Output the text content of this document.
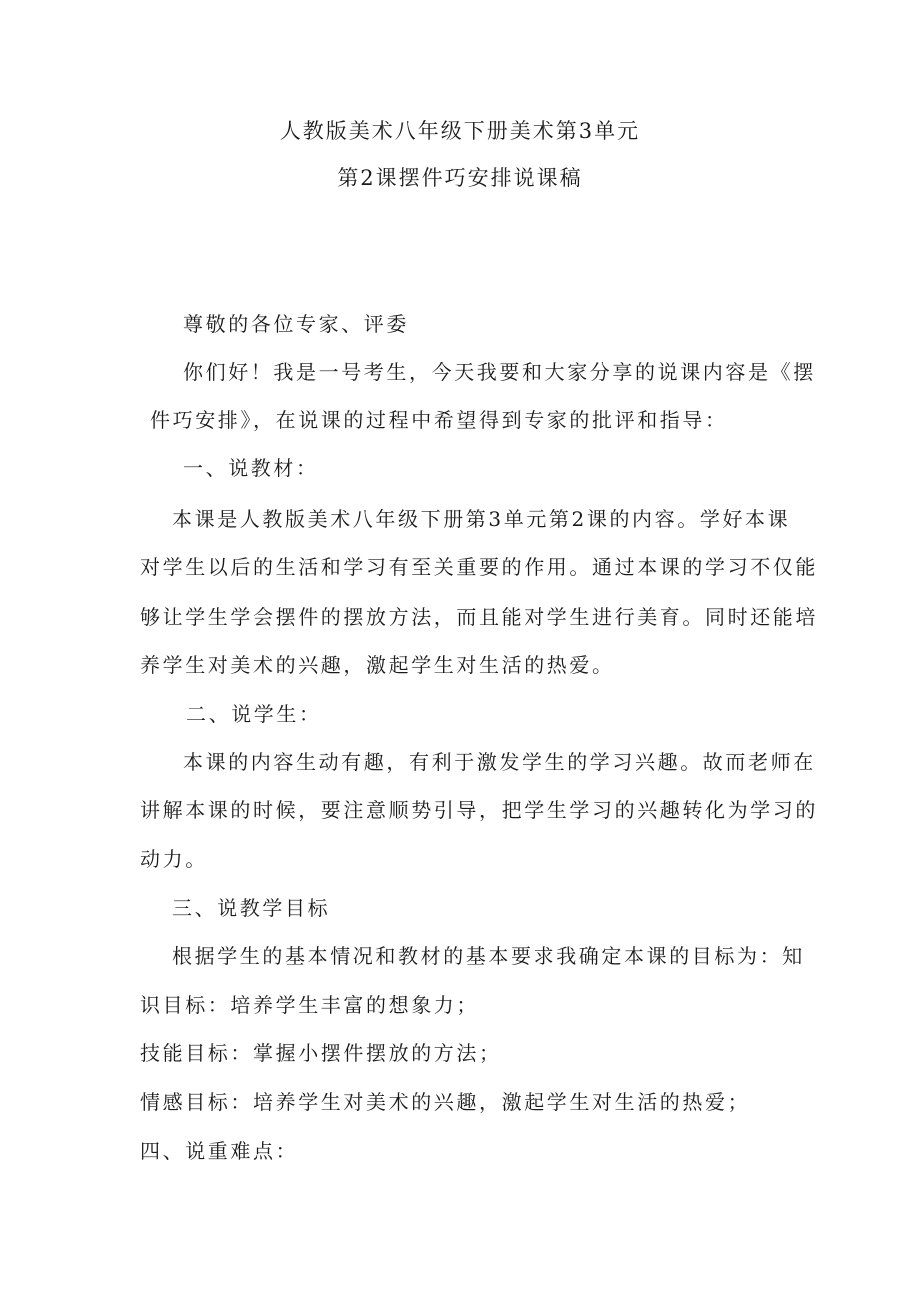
人教版美术八年级下册美术第3单元
第2课摆件巧安排说课稿
尊敬的各位专家、评委
你们好！我是一号考生，今天我要和大家分享的说课内容是《摆
件巧安排》，在说课的过程中希望得到专家的批评和指导：
一、说教材：
本课是人教版美术八年级下册第3单元第2课的内容。学好本课
对学生以后的生活和学习有至关重要的作用。通过本课的学习不仅能
够让学生学会摆件的摆放方法，而且能对学生进行美育。同时还能培
养学生对美术的兴趣，激起学生对生活的热爱。
二、说学生：
本课的内容生动有趣，有利于激发学生的学习兴趣。故而老师在
讲解本课的时候，要注意顺势引导，把学生学习的兴趣转化为学习的
动力。
三、说教学目标
根据学生的基本情况和教材的基本要求我确定本课的目标为：知
识目标：培养学生丰富的想象力；
技能目标：掌握小摆件摆放的方法；
情感目标：培养学生对美术的兴趣，激起学生对生活的热爱；
四、说重难点：
